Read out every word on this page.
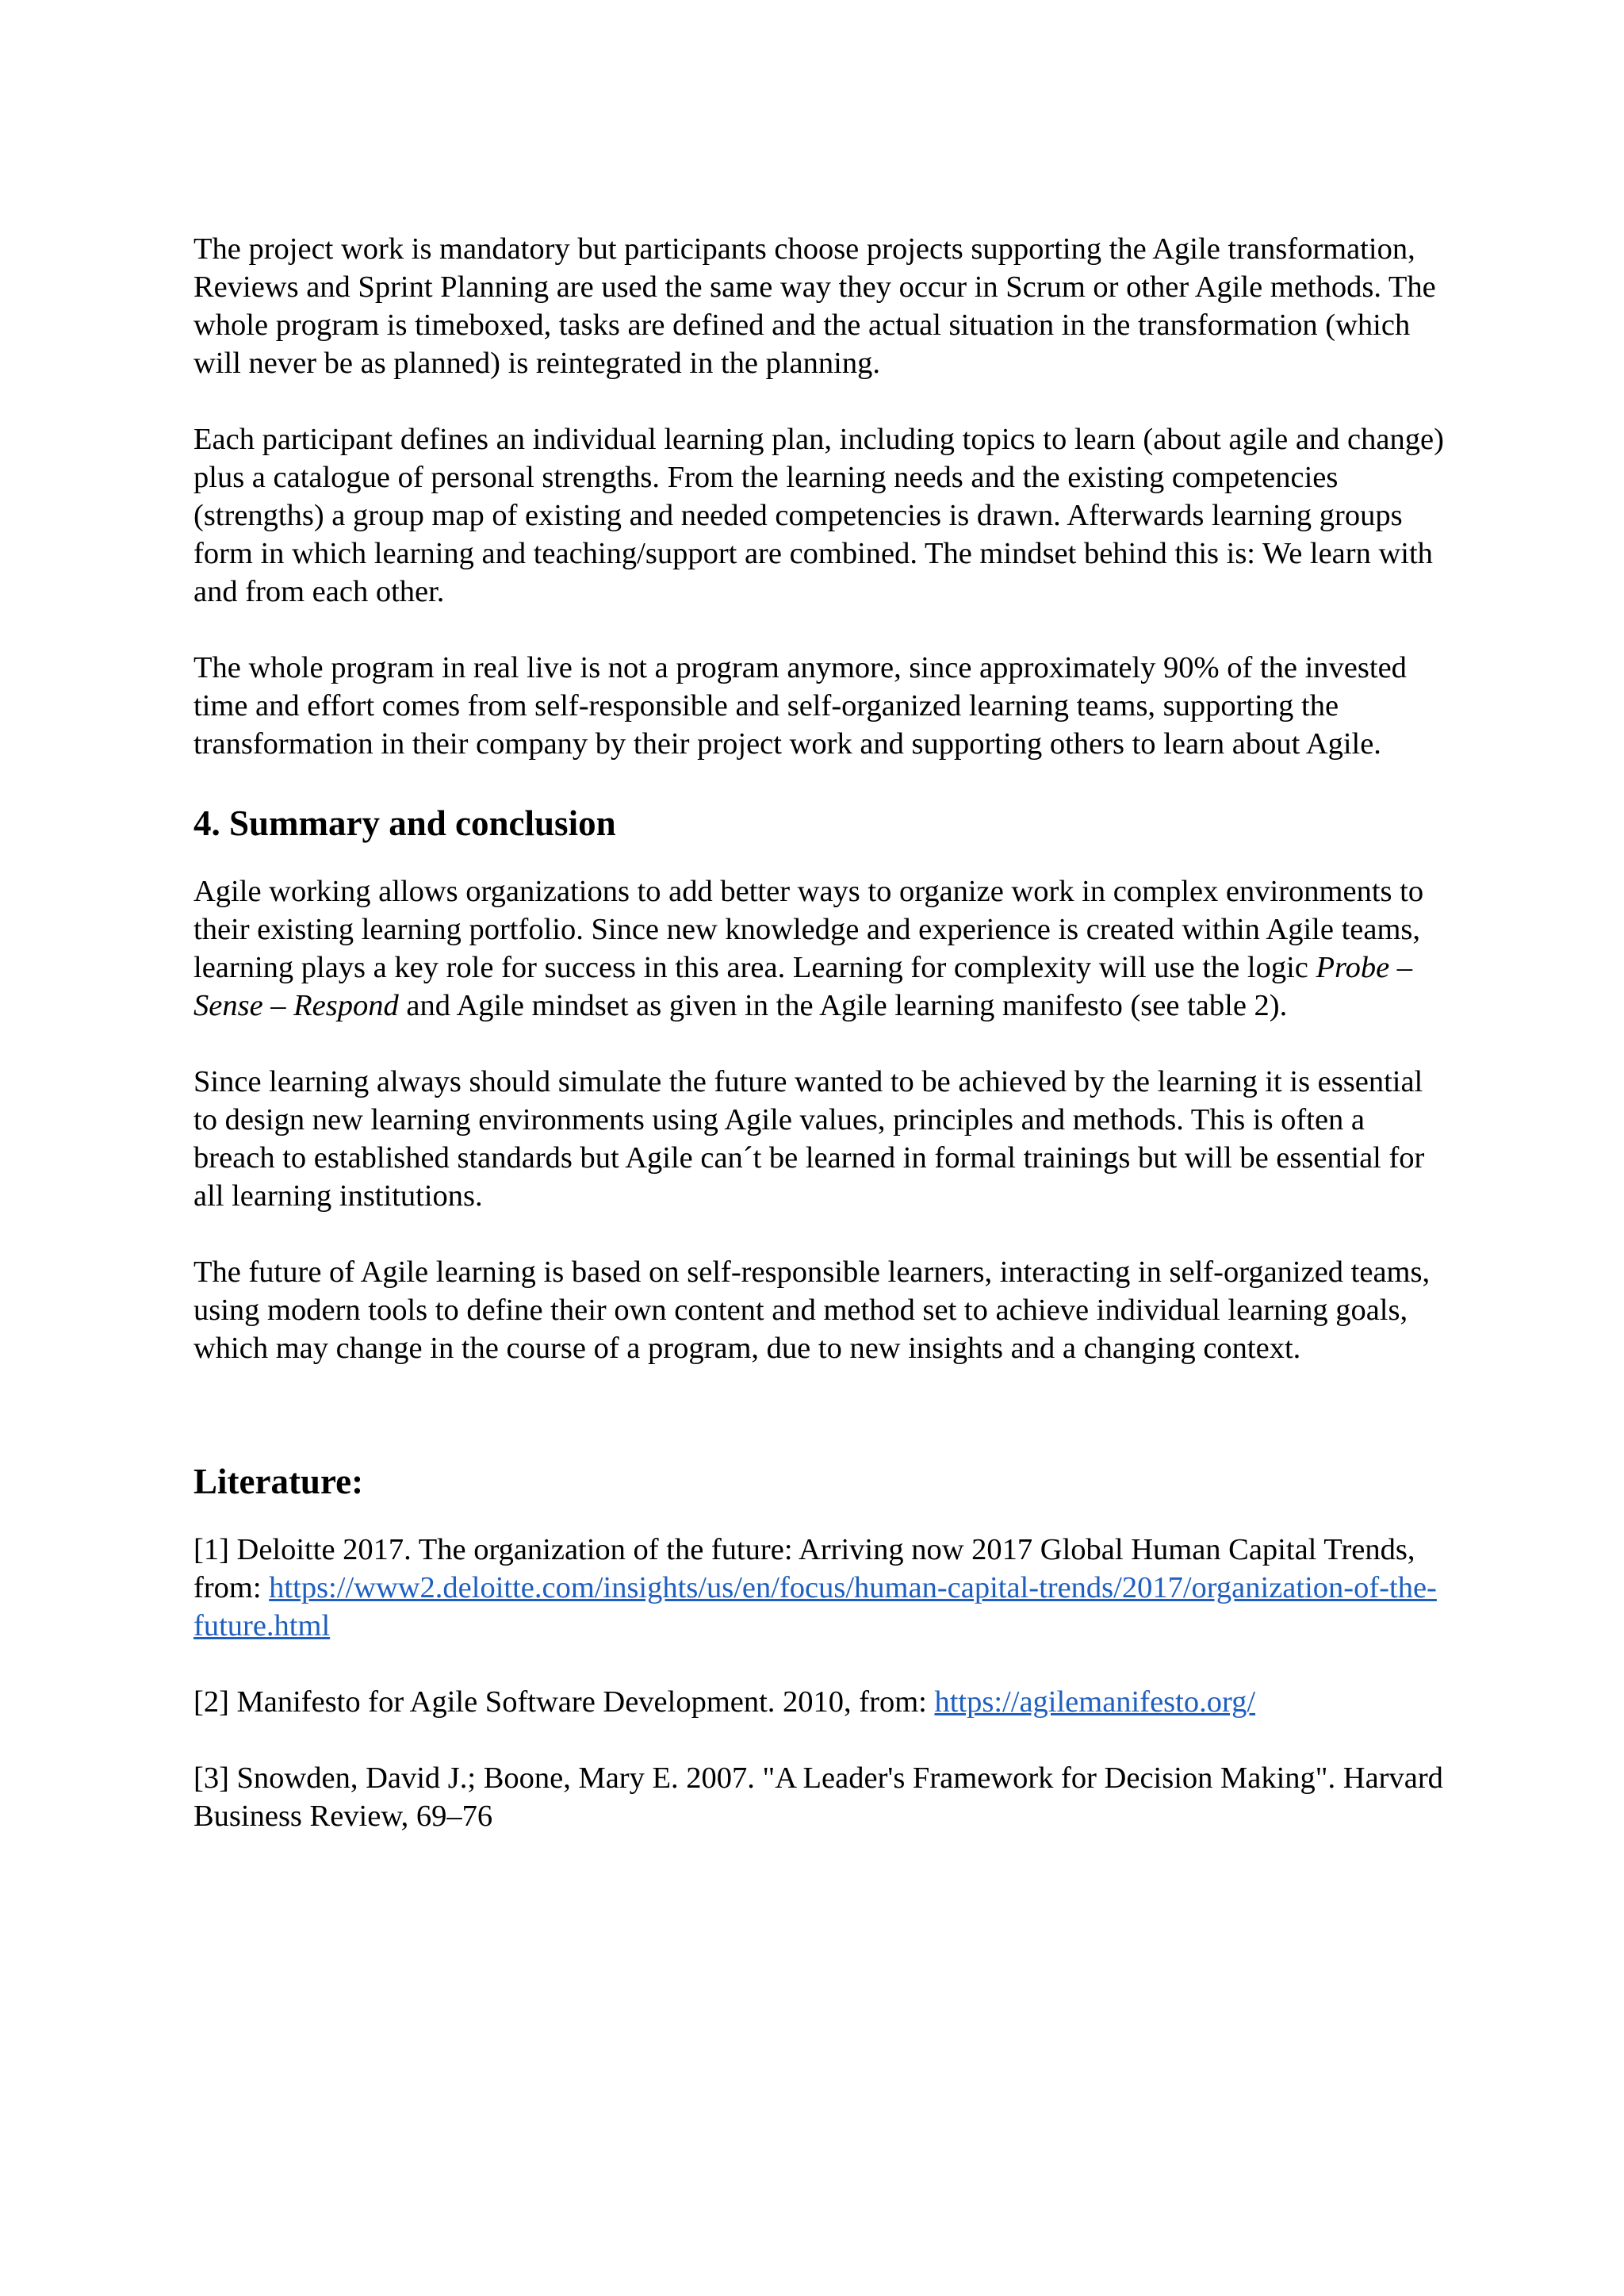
The project work is mandatory but participants choose projects supporting the Agile transformation, Reviews and Sprint Planning are used the same way they occur in Scrum or other Agile methods. The whole program is timeboxed, tasks are defined and the actual situation in the transformation (which will never be as planned) is reintegrated in the planning.

Each participant defines an individual learning plan, including topics to learn (about agile and change) plus a catalogue of personal strengths. From the learning needs and the existing competencies (strengths) a group map of existing and needed competencies is drawn. Afterwards learning groups form in which learning and teaching/support are combined. The mindset behind this is: We learn with and from each other.

The whole program in real live is not a program anymore, since approximately 90% of the invested time and effort comes from self-responsible and self-organized learning teams, supporting the transformation in their company by their project work and supporting others to learn about Agile.

4. Summary and conclusion

Agile working allows organizations to add better ways to organize work in complex environments to their existing learning portfolio. Since new knowledge and experience is created within Agile teams, learning plays a key role for success in this area. Learning for complexity will use the logic Probe – Sense – Respond and Agile mindset as given in the Agile learning manifesto (see table 2).

Since learning always should simulate the future wanted to be achieved by the learning it is essential to design new learning environments using Agile values, principles and methods. This is often a breach to established standards but Agile can´t be learned in formal trainings but will be essential for all learning institutions.

The future of Agile learning is based on self-responsible learners, interacting in self-organized teams, using modern tools to define their own content and method set to achieve individual learning goals, which may change in the course of a program, due to new insights and a changing context.

Literature:

[1] Deloitte 2017. The organization of the future: Arriving now 2017 Global Human Capital Trends, from: https://www2.deloitte.com/insights/us/en/focus/human-capital-trends/2017/organization-of-the-future.html

[2] Manifesto for Agile Software Development. 2010, from: https://agilemanifesto.org/

[3] Snowden, David J.; Boone, Mary E. 2007. "A Leader's Framework for Decision Making". Harvard Business Review, 69–76
